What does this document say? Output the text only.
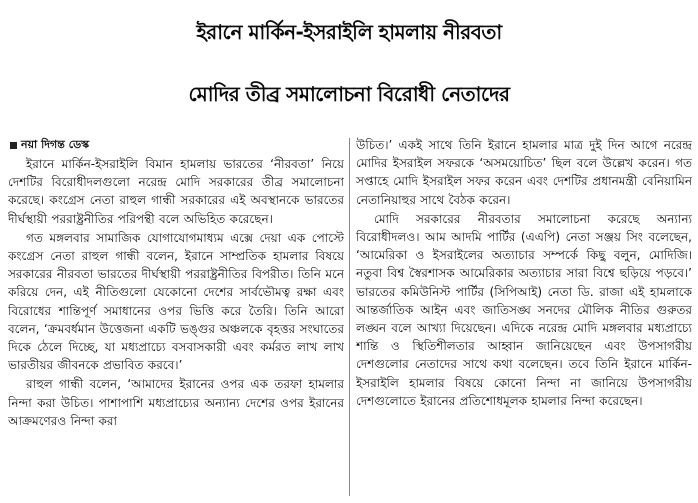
ইরানে মার্কিন-ইসরাইলি হামলায় নীরবতা
মোদির তীব্র সমালোচনা বিরোধী নেতাদের
নয়া দিগন্ত ডেস্ক

ইরানে মার্কিন-ইসরাইলি বিমান হামলায় ভারতের ‘নীরবতা’ নিয়ে দেশটির বিরোধীদলগুলো নরেন্দ্র মোদি সরকারের তীব্র সমালোচনা করেছে। কংগ্রেস নেতা রাহুল গান্ধী সরকারের এই অবস্থানকে ভারতের দীর্ঘস্থায়ী পররাষ্ট্রনীতির পরিপন্থী বলে অভিহিত করেছেন।

গত মঙ্গলবার সামাজিক যোগাযোগমাধ্যম এক্সে দেয়া এক পোস্টে কংগ্রেস নেতা রাহুল গান্ধী বলেন, ইরানে সাম্প্রতিক হামলার বিষয়ে সরকারের নীরবতা ভারতের দীর্ঘস্থায়ী পররাষ্ট্রনীতির বিপরীত। তিনি মনে করিয়ে দেন, এই নীতিগুলো যেকোনো দেশের সার্বভৌমত্ব রক্ষা এবং বিরোধের শান্তিপূর্ণ সমাধানের ওপর ভিত্তি করে তৈরি। তিনি আরো বলেন, ‘ক্রমবর্ধমান উত্তেজনা একটি ভঙ্গুর অঞ্চলকে বৃহত্তর সংঘাতের দিকে ঠেলে দিচ্ছে, যা মধ্যপ্রাচ্যে বসবাসকারী এবং কর্মরত লাখ লাখ ভারতীয়র জীবনকে প্রভাবিত করবে।’

রাহুল গান্ধী বলেন, ‘আমাদের ইরানের ওপর এক তরফা হামলার নিন্দা করা উচিত। পাশাপাশি মধ্যপ্রাচ্যের অন্যান্য দেশের ওপর ইরানের আক্রমণেরও নিন্দা করা

উচিত।’ একই সাথে তিনি ইরানে হামলার মাত্র দুই দিন আগে নরেন্দ্র মোদির ইসরাইল সফরকে ‘অসময়োচিত’ ছিল বলে উল্লেখ করেন। গত সপ্তাহে মোদি ইসরাইল সফর করেন এবং দেশটির প্রধানমন্ত্রী বেনিয়ামিন নেতানিয়াহুর সাথে বৈঠক করেন।

মোদি সরকারের নীরবতার সমালোচনা করেছে অন্যান্য বিরোধীদলও। আম আদমি পার্টির (এএপি) নেতা সঞ্জয় সিং বলেছেন, ‘আমেরিকা ও ইসরাইলের অত্যাচার সম্পর্কে কিছু বলুন, মোদিজি। নতুবা বিশ্ব স্বৈরশাসক আমেরিকার অত্যাচার সারা বিশ্বে ছড়িয়ে পড়বে।’ ভারতের কমিউনিস্ট পার্টির (সিপিআই) নেতা ডি. রাজা এই হামলাকে আন্তর্জাতিক আইন এবং জাতিসঙ্ঘ সনদের মৌলিক নীতির গুরুতর লঙ্ঘন বলে আখ্যা দিয়েছেন। এদিকে নরেন্দ্র মোদি মঙ্গলবার মধ্যপ্রাচ্যে শান্তি ও স্থিতিশীলতার আহ্বান জানিয়েছেন এবং উপসাগরীয় দেশগুলোর নেতাদের সাথে কথা বলেছেন। তবে তিনি ইরানে মার্কিন-ইসরাইলি হামলার বিষয়ে কোনো নিন্দা না জানিয়ে উপসাগরীয় দেশগুলোতে ইরানের প্রতিশোধমূলক হামলার নিন্দা করেছেন।
